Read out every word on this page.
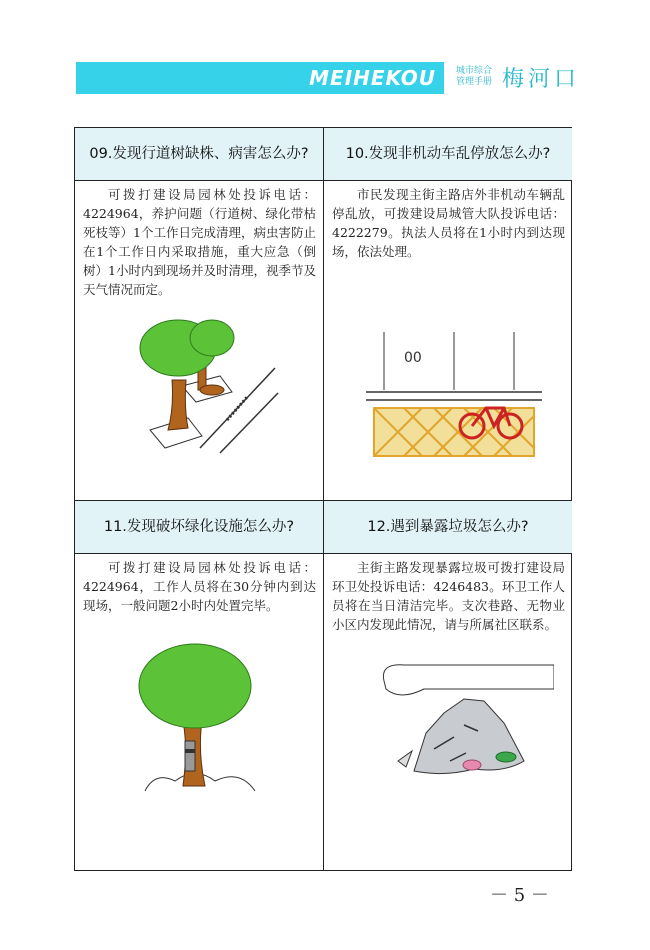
MEIHEKOU	城市综合
管理手册 梅河口
09.发现行道树缺株、病害怎么办?
可拨打建设局园林处投诉电话：4224964，养护问题（行道树、绿化带枯死枝等）1个工作日完成清理，病虫害防止在1个工作日内采取措施，重大应急（倒树）1小时内到现场并及时清理，视季节及天气情况而定。
10.发现非机动车乱停放怎么办?
市民发现主街主路店外非机动车辆乱停乱放，可拨建设局城管大队投诉电话：4222279。执法人员将在1小时内到达现场，依法处理。
00
11.发现破坏绿化设施怎么办?
可拨打建设局园林处投诉电话：4224964，工作人员将在30分钟内到达现场，一般问题2小时内处置完毕。
12.遇到暴露垃圾怎么办?
主街主路发现暴露垃圾可拨打建设局环卫处投诉电话：4246483。环卫工作人员将在当日清洁完毕。支次巷路、无物业小区内发现此情况，请与所属社区联系。
－ 5 －
